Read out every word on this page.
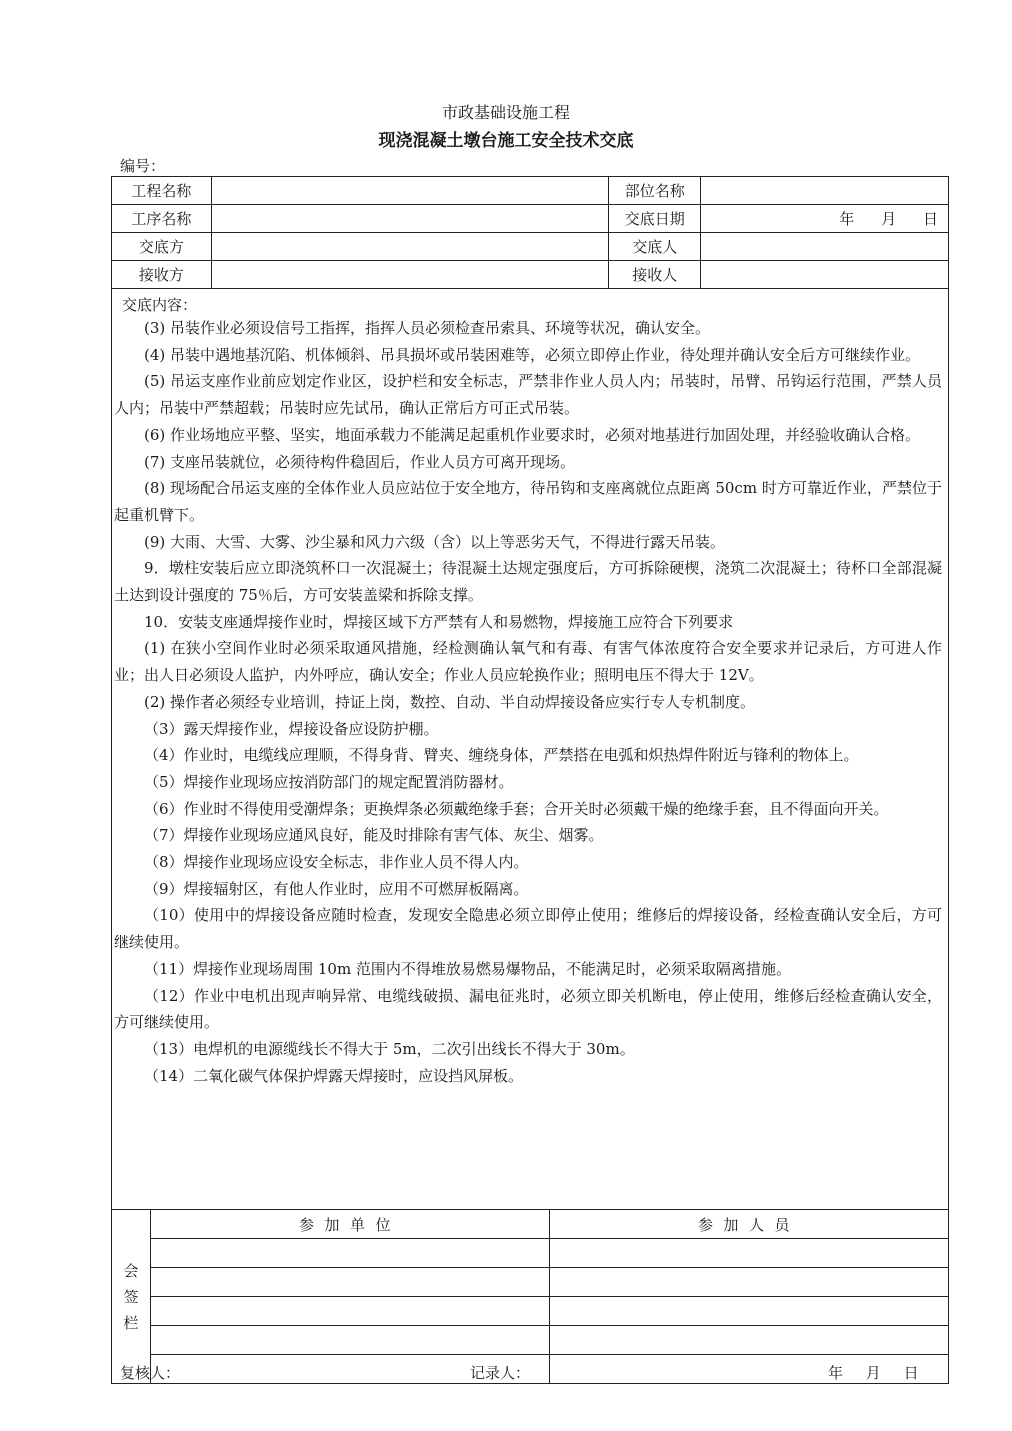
市政基础设施工程
现浇混凝土墩台施工安全技术交底
编号：
工程名称		部位名称	
工序名称		交底日期	年 月 日
交底方		交底人	
接收方		接收人	
交底内容：

(3) 吊装作业必须设信号工指挥，指挥人员必须检查吊索具、环境等状况，确认安全。

(4) 吊装中遇地基沉陷、机体倾斜、吊具损坏或吊装困难等，必须立即停止作业，待处理并确认安全后方可继续作业。

(5) 吊运支座作业前应划定作业区，设护栏和安全标志，严禁非作业人员人内；吊装时，吊臂、吊钩运行范围，严禁人员人内；吊装中严禁超载；吊装时应先试吊，确认正常后方可正式吊装。

(6) 作业场地应平整、坚实，地面承载力不能满足起重机作业要求时，必须对地基进行加固处理，并经验收确认合格。

(7) 支座吊装就位，必须待构件稳固后，作业人员方可离开现场。

(8) 现场配合吊运支座的全体作业人员应站位于安全地方，待吊钩和支座离就位点距离 50cm 时方可靠近作业，严禁位于起重机臂下。

(9) 大雨、大雪、大雾、沙尘暴和风力六级（含）以上等恶劣天气，不得进行露天吊装。

9．墩柱安装后应立即浇筑杯口一次混凝土；待混凝土达规定强度后，方可拆除硬楔，浇筑二次混凝土；待杯口全部混凝土达到设计强度的 75％后，方可安装盖梁和拆除支撑。

10．安装支座通焊接作业时，焊接区域下方严禁有人和易燃物，焊接施工应符合下列要求

(1) 在狭小空间作业时必须采取通风措施，经检测确认氧气和有毒、有害气体浓度符合安全要求并记录后，方可进人作业；出人日必须设人监护，内外呼应，确认安全；作业人员应轮换作业；照明电压不得大于 12V。

(2) 操作者必须经专业培训，持证上岗，数控、自动、半自动焊接设备应实行专人专机制度。

（3）露天焊接作业，焊接设备应设防护棚。

（4）作业时，电缆线应理顺，不得身背、臂夹、缠绕身体，严禁搭在电弧和炽热焊件附近与锋利的物体上。

（5）焊接作业现场应按消防部门的规定配置消防器材。

（6）作业时不得使用受潮焊条；更换焊条必须戴绝缘手套；合开关时必须戴干燥的绝缘手套，且不得面向开关。

（7）焊接作业现场应通风良好，能及时排除有害气体、灰尘、烟雾。

（8）焊接作业现场应设安全标志，非作业人员不得人内。

（9）焊接辐射区，有他人作业时，应用不可燃屏板隔离。

（10）使用中的焊接设备应随时检查，发现安全隐患必须立即停止使用；维修后的焊接设备，经检查确认安全后，方可继续使用。

（11）焊接作业现场周围 10m 范围内不得堆放易燃易爆物品，不能满足时，必须采取隔离措施。

（12）作业中电机出现声响异常、电缆线破损、漏电征兆时，必须立即关机断电，停止使用，维修后经检查确认安全，方可继续使用。

（13）电焊机的电源缆线长不得大于 5m，二次引出线长不得大于 30m。

（14）二氧化碳气体保护焊露天焊接时，应设挡风屏板。

会
签
栏	参加单位	参加人员

复核人：	记录人：	年 月 日
